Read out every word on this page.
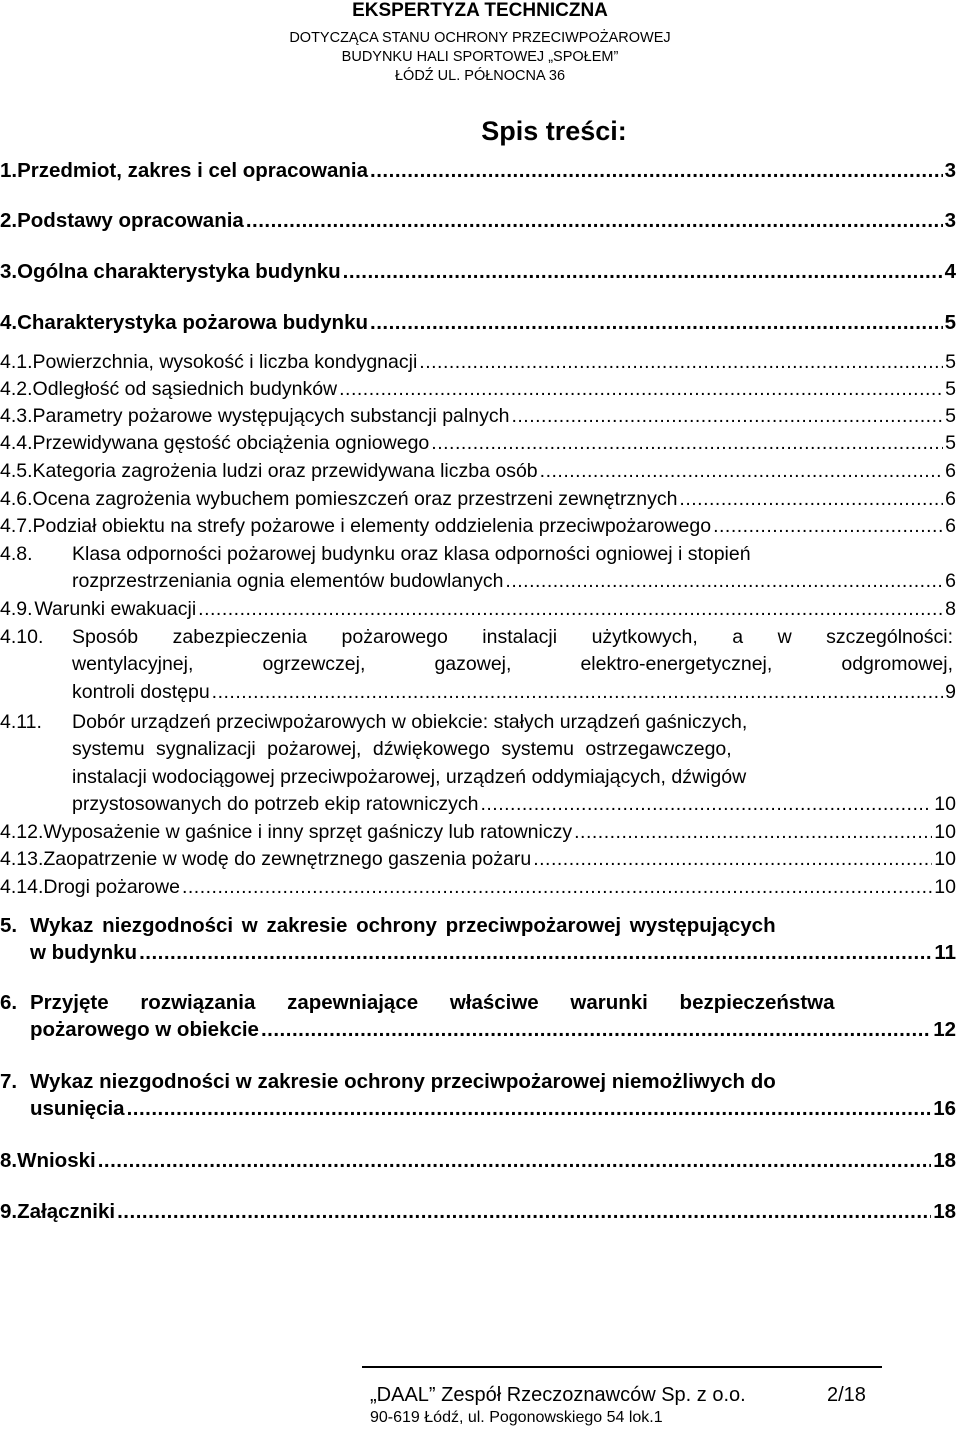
EKSPERTYZA TECHNICZNA
DOTYCZĄCA STANU OCHRONY PRZECIWPOŻAROWEJ
BUDYNKU HALI SPORTOWEJ „SPOŁEM”
ŁÓDŹ UL. PÓŁNOCNA 36
Spis treści:
1. Przedmiot, zakres i cel opracowania .....	3
2. Podstawy opracowania .....	3
3. Ogólna charakterystyka budynku .....	4
4. Charakterystyka pożarowa budynku .....	5
4.1. Powierzchnia, wysokość i liczba kondygnacji .....	5
4.2. Odległość od sąsiednich budynków .....	5
4.3. Parametry pożarowe występujących substancji palnych .....	5
4.4. Przewidywana gęstość obciążenia ogniowego .....	5
4.5. Kategoria zagrożenia ludzi oraz przewidywana liczba osób .....	6
4.6. Ocena zagrożenia wybuchem pomieszczeń oraz przestrzeni zewnętrznych .....	6
4.7. Podział obiektu na strefy pożarowe i elementy oddzielenia przeciwpożarowego .....	6
4.8.	Klasa odporności pożarowej budynku oraz klasa odporności ogniowej i stopień
rozprzestrzeniania ognia elementów budowlanych .....	6
4.9. Warunki ewakuacji .....	8
4.10.	Sposób zabezpieczenia pożarowego instalacji użytkowych, a w szczególności:
wentylacyjnej, ogrzewczej, gazowej, elektro-energetycznej, odgromowej,
kontroli dostępu .....	9
4.11.	Dobór urządzeń przeciwpożarowych w obiekcie: stałych urządzeń gaśniczych,
systemu sygnalizacji pożarowej, dźwiękowego systemu ostrzegawczego,
instalacji wodociągowej przeciwpożarowej, urządzeń oddymiających, dźwigów
przystosowanych do potrzeb ekip ratowniczych .....	10
4.12. Wyposażenie w gaśnice i inny sprzęt gaśniczy lub ratowniczy .....	10
4.13. Zaopatrzenie w wodę do zewnętrznego gaszenia pożaru .....	10
4.14. Drogi pożarowe .....	10
5. Wykaz niezgodności w zakresie ochrony przeciwpożarowej występujących
w budynku .....	11
6. Przyjęte rozwiązania zapewniające właściwe warunki bezpieczeństwa
pożarowego w obiekcie .....	12
7. Wykaz niezgodności w zakresie ochrony przeciwpożarowej niemożliwych do
usunięcia .....	16
8. Wnioski .....	18
9. Załączniki .....	18
„DAAL” Zespół Rzeczoznawców Sp. z o.o.	2/18
90-619 Łódź, ul. Pogonowskiego 54 lok.1
